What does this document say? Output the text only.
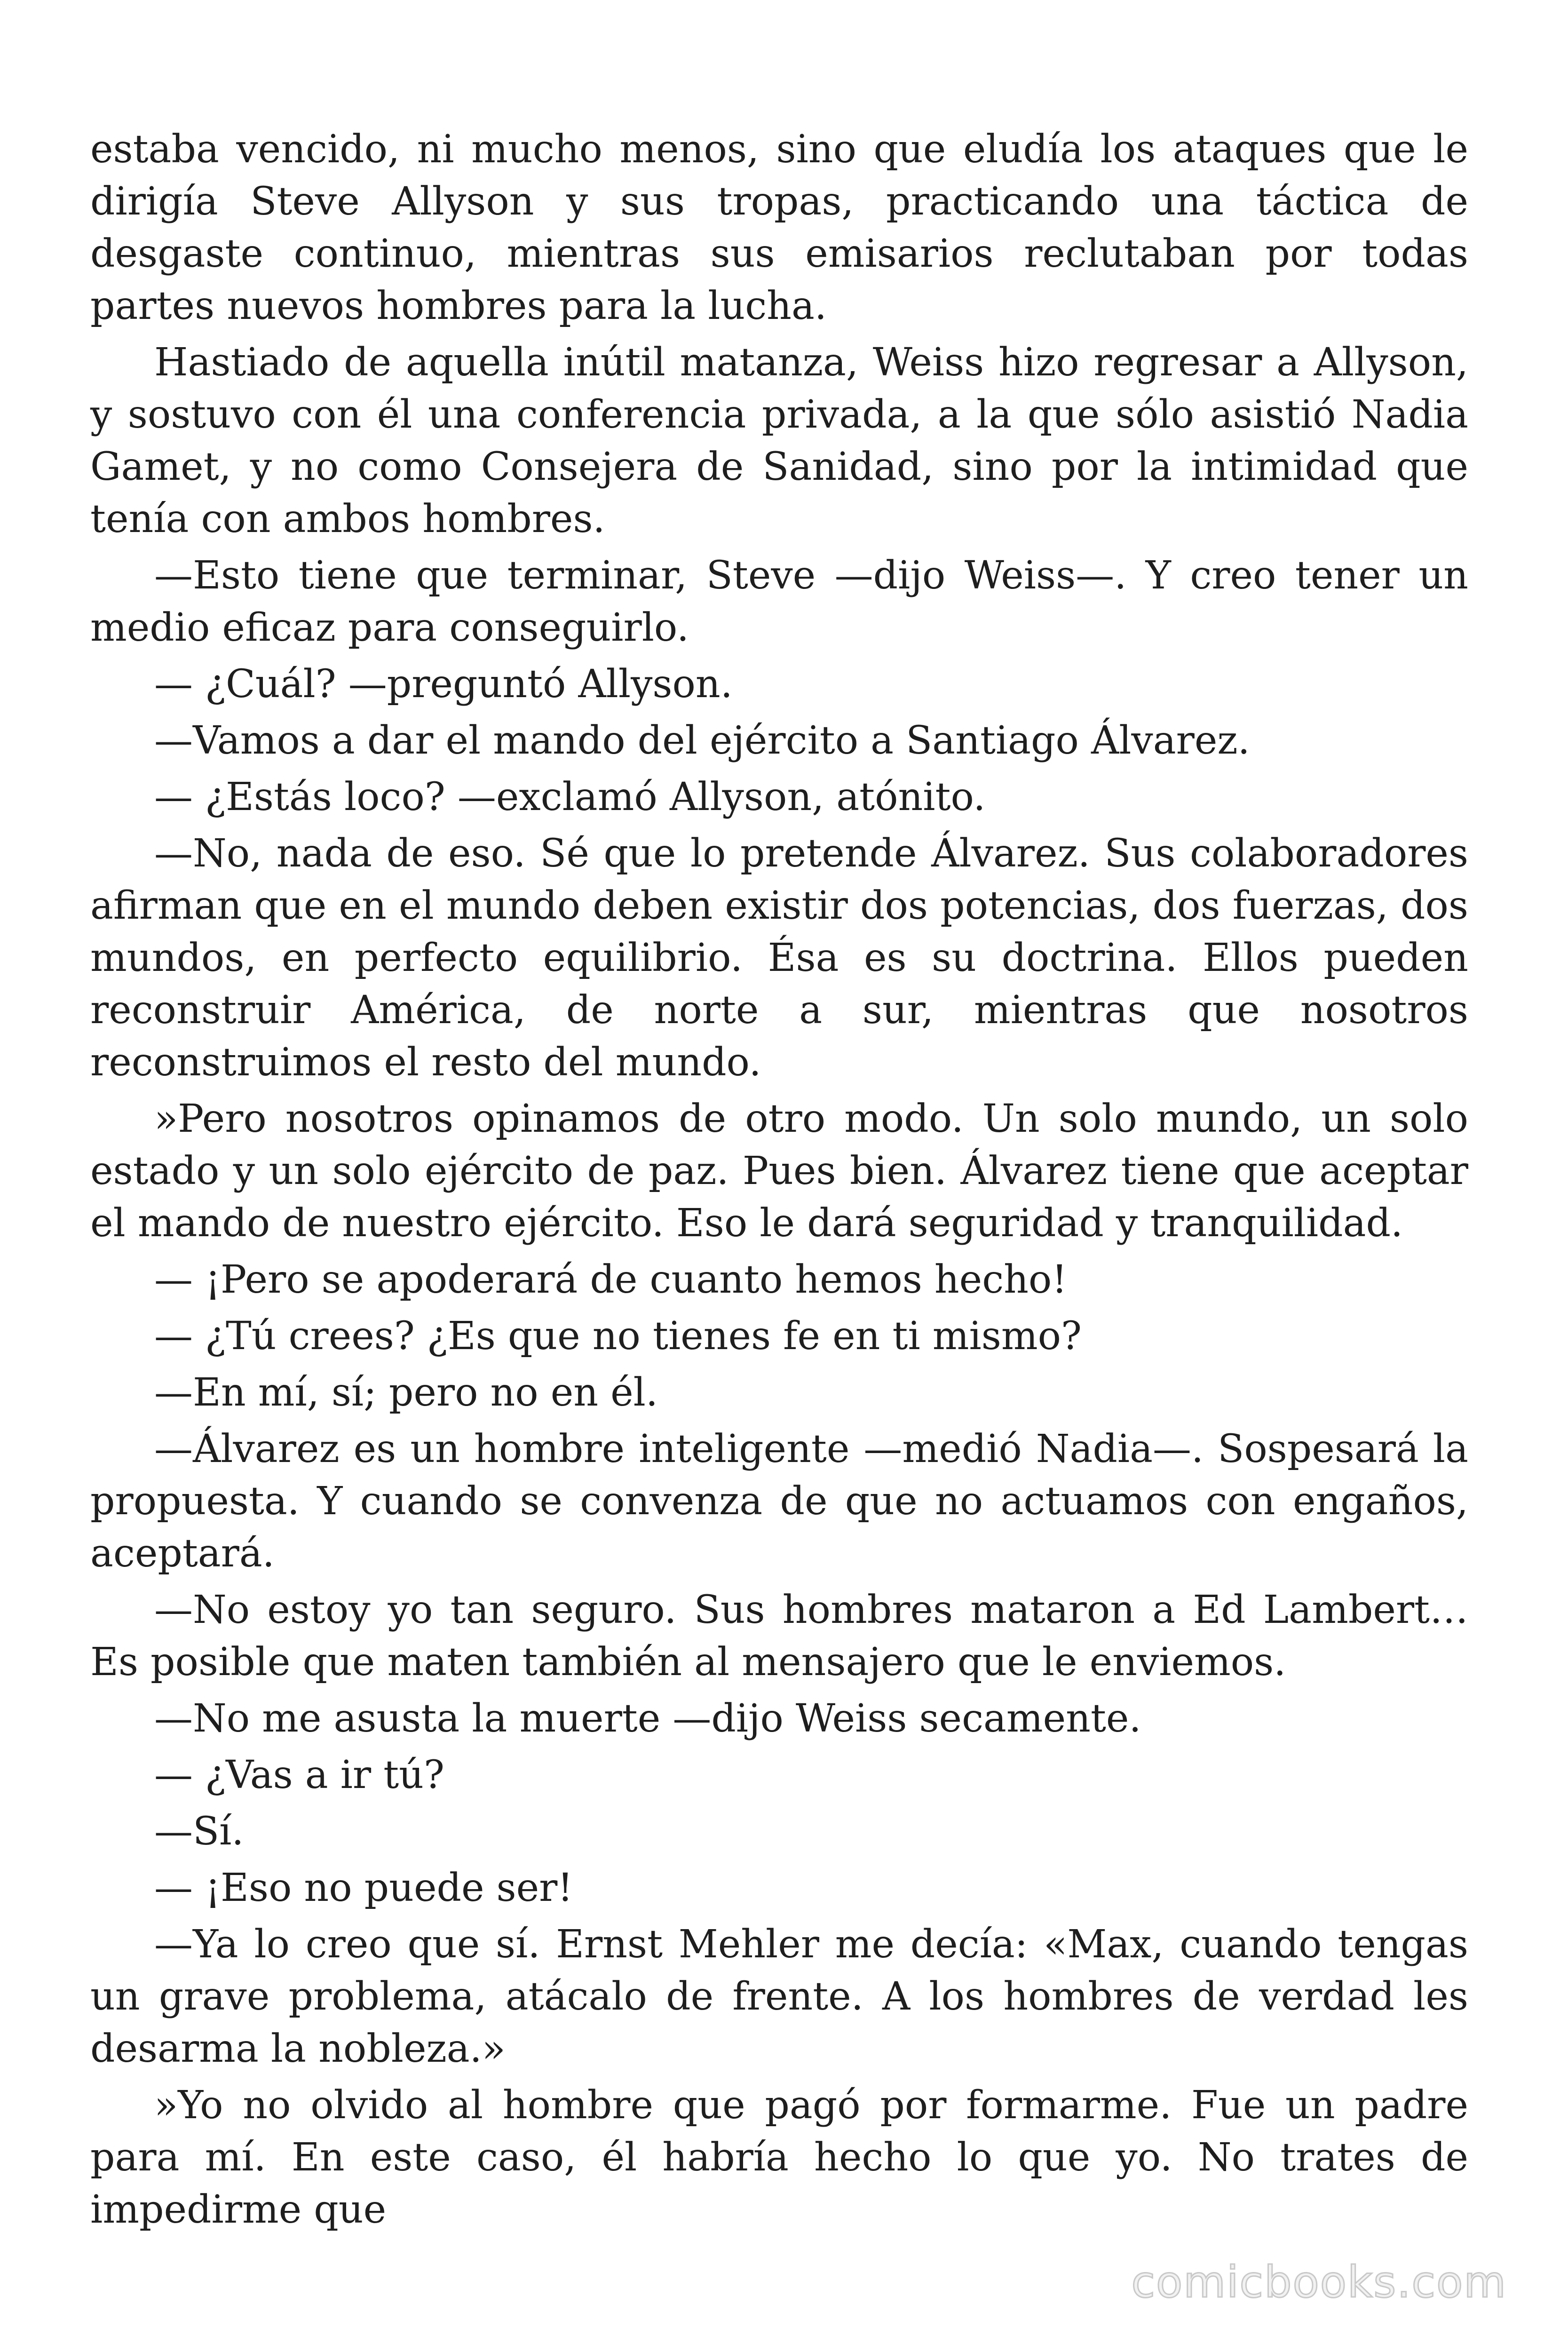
estaba vencido, ni mucho menos, sino que eludía los ataques que le dirigía Steve Allyson y sus tropas, practicando una táctica de desgaste continuo, mientras sus emisarios reclutaban por todas partes nuevos hombres para la lucha.

Hastiado de aquella inútil matanza, Weiss hizo regresar a Allyson, y sostuvo con él una conferencia privada, a la que sólo asistió Nadia Gamet, y no como Consejera de Sanidad, sino por la intimidad que tenía con ambos hombres.

—Esto tiene que terminar, Steve —dijo Weiss—. Y creo tener un medio eficaz para conseguirlo.

— ¿Cuál? —preguntó Allyson.

—Vamos a dar el mando del ejército a Santiago Álvarez.

— ¿Estás loco? —exclamó Allyson, atónito.

—No, nada de eso. Sé que lo pretende Álvarez. Sus colaboradores afirman que en el mundo deben existir dos potencias, dos fuerzas, dos mundos, en perfecto equilibrio. Ésa es su doctrina. Ellos pueden reconstruir América, de norte a sur, mientras que nosotros reconstruimos el resto del mundo.

»Pero nosotros opinamos de otro modo. Un solo mundo, un solo estado y un solo ejército de paz. Pues bien. Álvarez tiene que aceptar el mando de nuestro ejército. Eso le dará seguridad y tranquilidad.

— ¡Pero se apoderará de cuanto hemos hecho!

— ¿Tú crees? ¿Es que no tienes fe en ti mismo?

—En mí, sí; pero no en él.

—Álvarez es un hombre inteligente —medió Nadia—. Sospesará la propuesta. Y cuando se convenza de que no actuamos con engaños, aceptará.

—No estoy yo tan seguro. Sus hombres mataron a Ed Lambert… Es posible que maten también al mensajero que le enviemos.

—No me asusta la muerte —dijo Weiss secamente.

— ¿Vas a ir tú?

—Sí.

— ¡Eso no puede ser!

—Ya lo creo que sí. Ernst Mehler me decía: «Max, cuando tengas un grave problema, atácalo de frente. A los hombres de verdad les desarma la nobleza.»

»Yo no olvido al hombre que pagó por formarme. Fue un padre para mí. En este caso, él habría hecho lo que yo. No trates de impedirme que

comicbooks.com
